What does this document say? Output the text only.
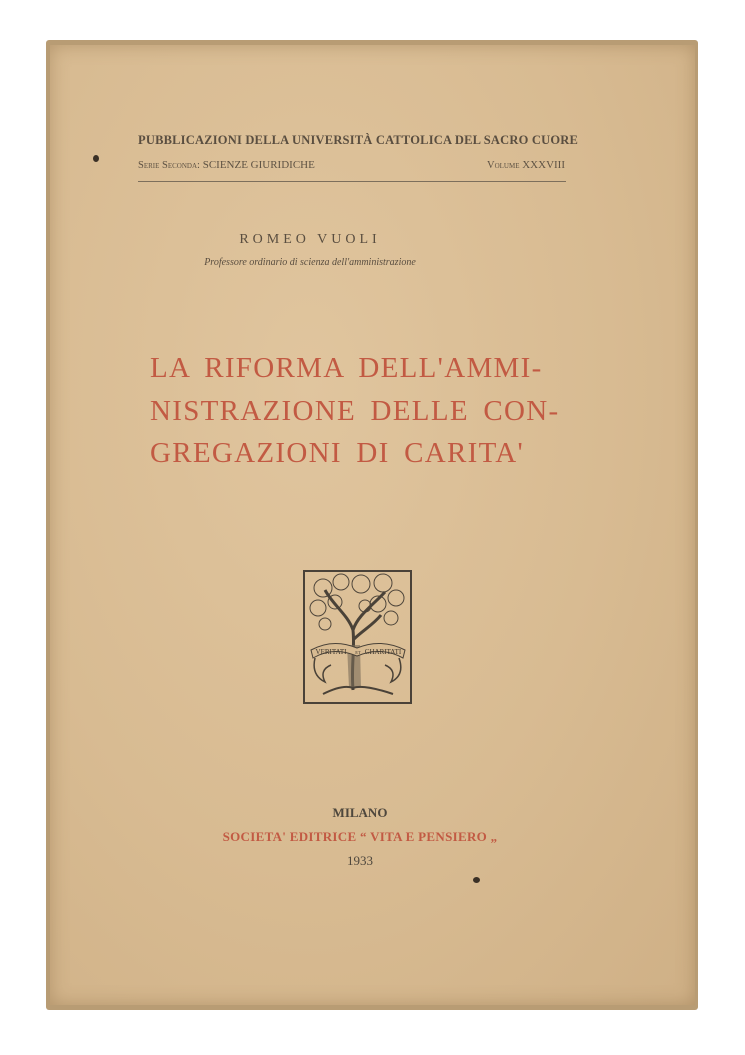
PUBBLICAZIONI DELLA UNIVERSITÀ CATTOLICA DEL SACRO CUORE
Serie Seconda: SCIENZE GIURIDICHE	Volume XXXVIII
ROMEO VUOLI
Professore ordinario di scienza dell'amministrazione
LA RIFORMA DELL'AMMI-
NISTRAZIONE DELLE CON-
GREGAZIONI DI CARITA'
VERITATI ET CHARITATI
MILANO
SOCIETA' EDITRICE “ VITA E PENSIERO „
1933
